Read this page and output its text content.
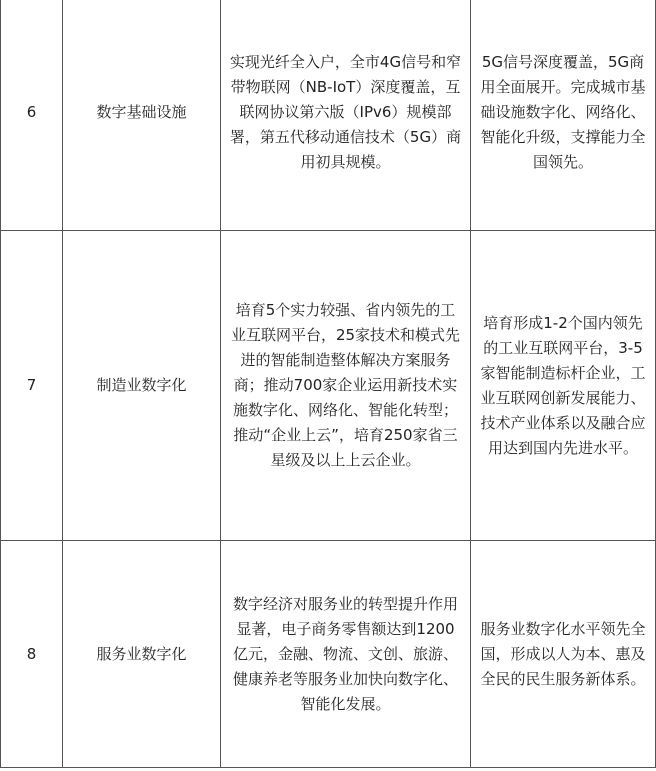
6	数字基础设施	实现光纤全入户，全市4G信号和窄带物联网（NB-IoT）深度覆盖，互联网协议第六版（IPv6）规模部署，第五代移动通信技术（5G）商用初具规模。	5G信号深度覆盖，5G商用全面展开。完成城市基础设施数字化、网络化、智能化升级，支撑能力全国领先。

7	制造业数字化	培育5个实力较强、省内领先的工业互联网平台，25家技术和模式先进的智能制造整体解决方案服务商；推动700家企业运用新技术实施数字化、网络化、智能化转型；推动“企业上云”，培育250家省三星级及以上上云企业。	培育形成1-2个国内领先的工业互联网平台，3-5家智能制造标杆企业，工业互联网创新发展能力、技术产业体系以及融合应用达到国内先进水平。

8	服务业数字化	数字经济对服务业的转型提升作用显著，电子商务零售额达到1200亿元，金融、物流、文创、旅游、健康养老等服务业加快向数字化、智能化发展。	服务业数字化水平领先全国，形成以人为本、惠及全民的民生服务新体系。
